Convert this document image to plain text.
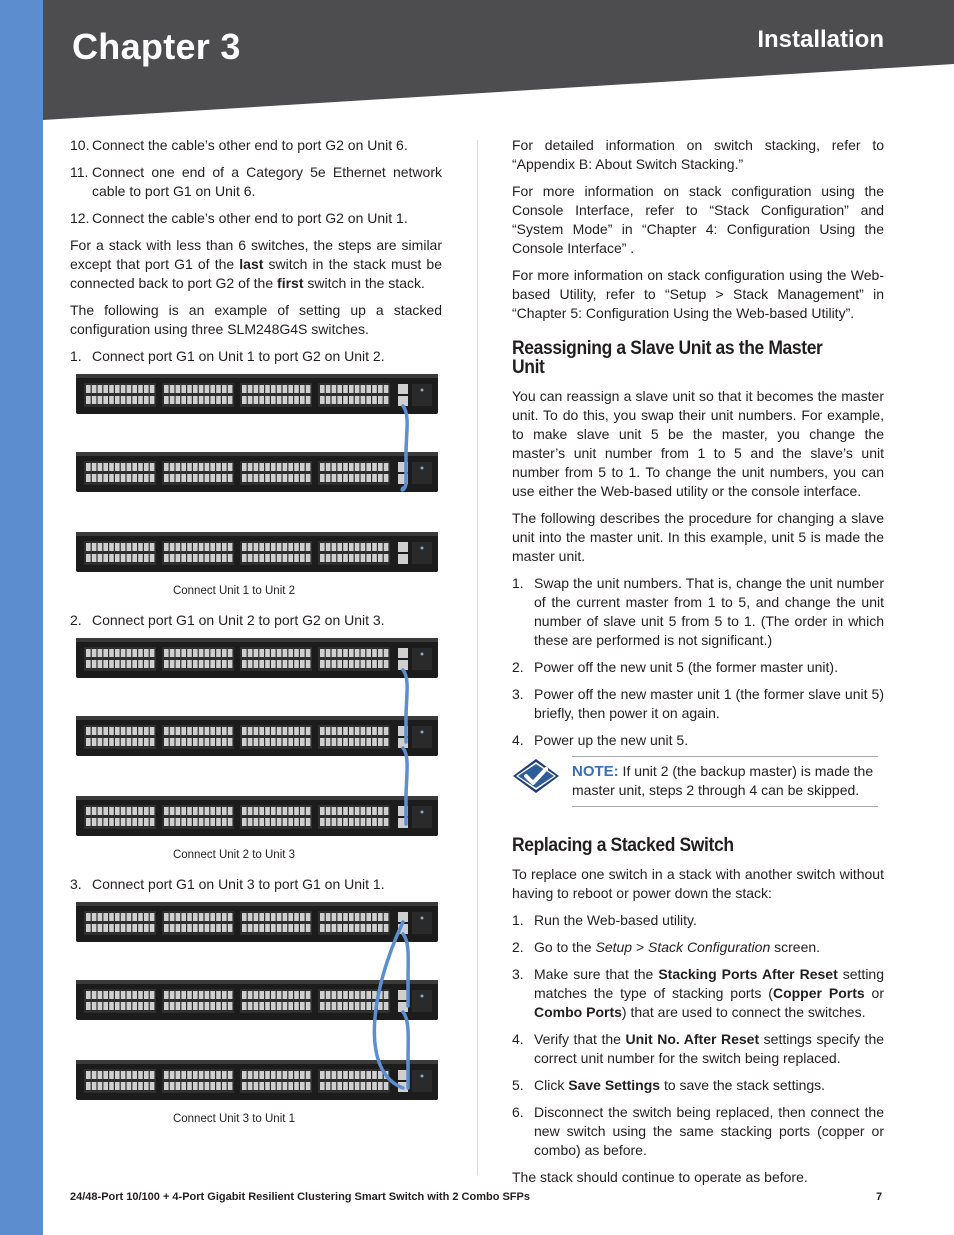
Chapter 3	Installation
10. Connect the cable’s other end to port G2 on Unit 6.
11. Connect one end of a Category 5e Ethernet network cable to port G1 on Unit 6.
12. Connect the cable’s other end to port G2 on Unit 1.

For a stack with less than 6 switches, the steps are similar except that port G1 of the last switch in the stack must be connected back to port G2 of the first switch in the stack.

The following is an example of setting up a stacked configuration using three SLM248G4S switches.

1. Connect port G1 on Unit 1 to port G2 on Unit 2.
Connect Unit 1 to Unit 2
2. Connect port G1 on Unit 2 to port G2 on Unit 3.
Connect Unit 2 to Unit 3
3. Connect port G1 on Unit 3 to port G1 on Unit 1.
Connect Unit 3 to Unit 1

For detailed information on switch stacking, refer to “Appendix B: About Switch Stacking.”

For more information on stack configuration using the Console Interface, refer to “Stack Configuration” and “System Mode” in “Chapter 4: Configuration Using the Console Interface” .

For more information on stack configuration using the Web-based Utility, refer to “Setup > Stack Management” in “Chapter 5: Configuration Using the Web-based Utility”.

Reassigning a Slave Unit as the Master Unit

You can reassign a slave unit so that it becomes the master unit. To do this, you swap their unit numbers. For example, to make slave unit 5 be the master, you change the master’s unit number from 1 to 5 and the slave’s unit number from 5 to 1. To change the unit numbers, you can use either the Web-based utility or the console interface.

The following describes the procedure for changing a slave unit into the master unit. In this example, unit 5 is made the master unit.

1. Swap the unit numbers. That is, change the unit number of the current master from 1 to 5, and change the unit number of slave unit 5 from 5 to 1. (The order in which these are performed is not significant.)
2. Power off the new unit 5 (the former master unit).
3. Power off the new master unit 1 (the former slave unit 5) briefly, then power it on again.
4. Power up the new unit 5.
NOTE: If unit 2 (the backup master) is made the master unit, steps 2 through 4 can be skipped.
Replacing a Stacked Switch

To replace one switch in a stack with another switch without having to reboot or power down the stack:

1. Run the Web-based utility.
2. Go to the Setup > Stack Configuration screen.
3. Make sure that the Stacking Ports After Reset setting matches the type of stacking ports (Copper Ports or Combo Ports) that are used to connect the switches.
4. Verify that the Unit No. After Reset settings specify the correct unit number for the switch being replaced.
5. Click Save Settings to save the stack settings.
6. Disconnect the switch being replaced, then connect the new switch using the same stacking ports (copper or combo) as before.

The stack should continue to operate as before.

24/48-Port 10/100 + 4-Port Gigabit Resilient Clustering Smart Switch with 2 Combo SFPs	7
